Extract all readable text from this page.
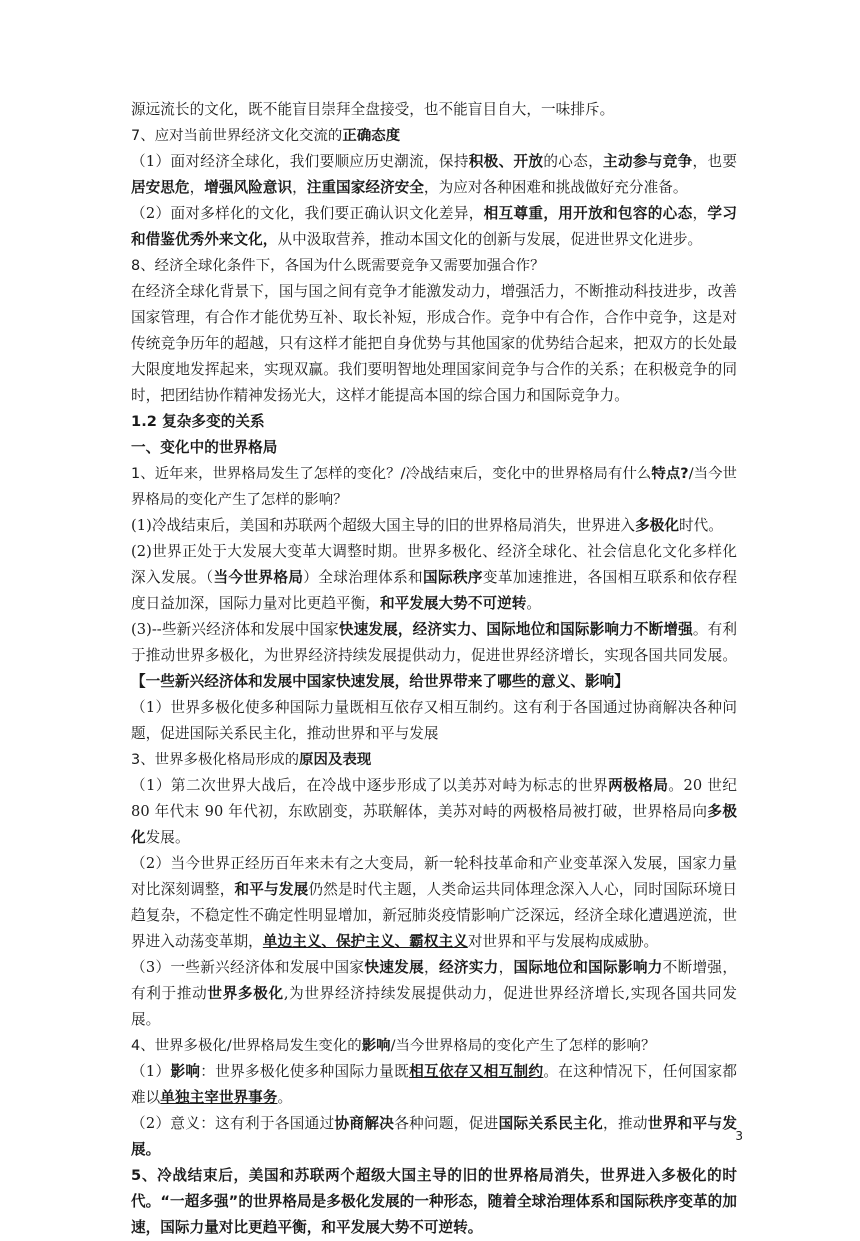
源远流长的文化，既不能盲目崇拜全盘接受，也不能盲目自大，一味排斥。

7、应对当前世界经济文化交流的正确态度

（1）面对经济全球化，我们要顺应历史潮流，保持积极、开放的心态，主动参与竞争，也要居安思危，增强风险意识，注重国家经济安全，为应对各种困难和挑战做好充分准备。

（2）面对多样化的文化，我们要正确认识文化差异，相互尊重，用开放和包容的心态，学习和借鉴优秀外来文化，从中汲取营养，推动本国文化的创新与发展，促进世界文化进步。

8、经济全球化条件下，各国为什么既需要竞争又需要加强合作？

在经济全球化背景下，国与国之间有竞争才能激发动力，增强活力，不断推动科技进步，改善国家管理，有合作才能优势互补、取长补短，形成合作。竞争中有合作，合作中竞争，这是对传统竞争历年的超越，只有这样才能把自身优势与其他国家的优势结合起来，把双方的长处最大限度地发挥起来，实现双赢。我们要明智地处理国家间竞争与合作的关系；在积极竞争的同时，把团结协作精神发扬光大，这样才能提高本国的综合国力和国际竞争力。

1.2 复杂多变的关系

一、变化中的世界格局

1、近年来，世界格局发生了怎样的变化？/冷战结束后，变化中的世界格局有什么特点?/当今世界格局的变化产生了怎样的影响？

(1)冷战结束后，美国和苏联两个超级大国主导的旧的世界格局消失，世界进入多极化时代。

(2)世界正处于大发展大变革大调整时期。世界多极化、经济全球化、社会信息化文化多样化深入发展。（当今世界格局）全球治理体系和国际秩序变革加速推进，各国相互联系和依存程度日益加深，国际力量对比更趋平衡，和平发展大势不可逆转。

(3)--些新兴经济体和发展中国家快速发展，经济实力、国际地位和国际影响力不断增强。有利于推动世界多极化，为世界经济持续发展提供动力，促进世界经济增长，实现各国共同发展。【一些新兴经济体和发展中国家快速发展，给世界带来了哪些的意义、影响】

（1）世界多极化使多种国际力量既相互依存又相互制约。这有利于各国通过协商解决各种问题，促进国际关系民主化，推动世界和平与发展

3、世界多极化格局形成的原因及表现

（1）第二次世界大战后，在冷战中逐步形成了以美苏对峙为标志的世界两极格局。20 世纪 80 年代末 90 年代初，东欧剧变，苏联解体，美苏对峙的两极格局被打破，世界格局向多极化发展。

（2）当今世界正经历百年来未有之大变局，新一轮科技革命和产业变革深入发展，国家力量对比深刻调整，和平与发展仍然是时代主题，人类命运共同体理念深入人心，同时国际环境日趋复杂，不稳定性不确定性明显增加，新冠肺炎疫情影响广泛深远，经济全球化遭遇逆流，世界进入动荡变革期，单边主义、保护主义、霸权主义对世界和平与发展构成威胁。

（3）一些新兴经济体和发展中国家快速发展，经济实力，国际地位和国际影响力不断增强，有利于推动世界多极化,为世界经济持续发展提供动力，促进世界经济增长,实现各国共同发展。

4、世界多极化/世界格局发生变化的影响/当今世界格局的变化产生了怎样的影响？

（1）影响：世界多极化使多种国际力量既相互依存又相互制约。在这种情况下，任何国家都难以单独主宰世界事务。

（2）意义：这有利于各国通过协商解决各种问题，促进国际关系民主化，推动世界和平与发展。

5、冷战结束后，美国和苏联两个超级大国主导的旧的世界格局消失，世界进入多极化的时代。“一超多强”的世界格局是多极化发展的一种形态，随着全球治理体系和国际秩序变革的加速，国际力量对比更趋平衡，和平发展大势不可逆转。

3
